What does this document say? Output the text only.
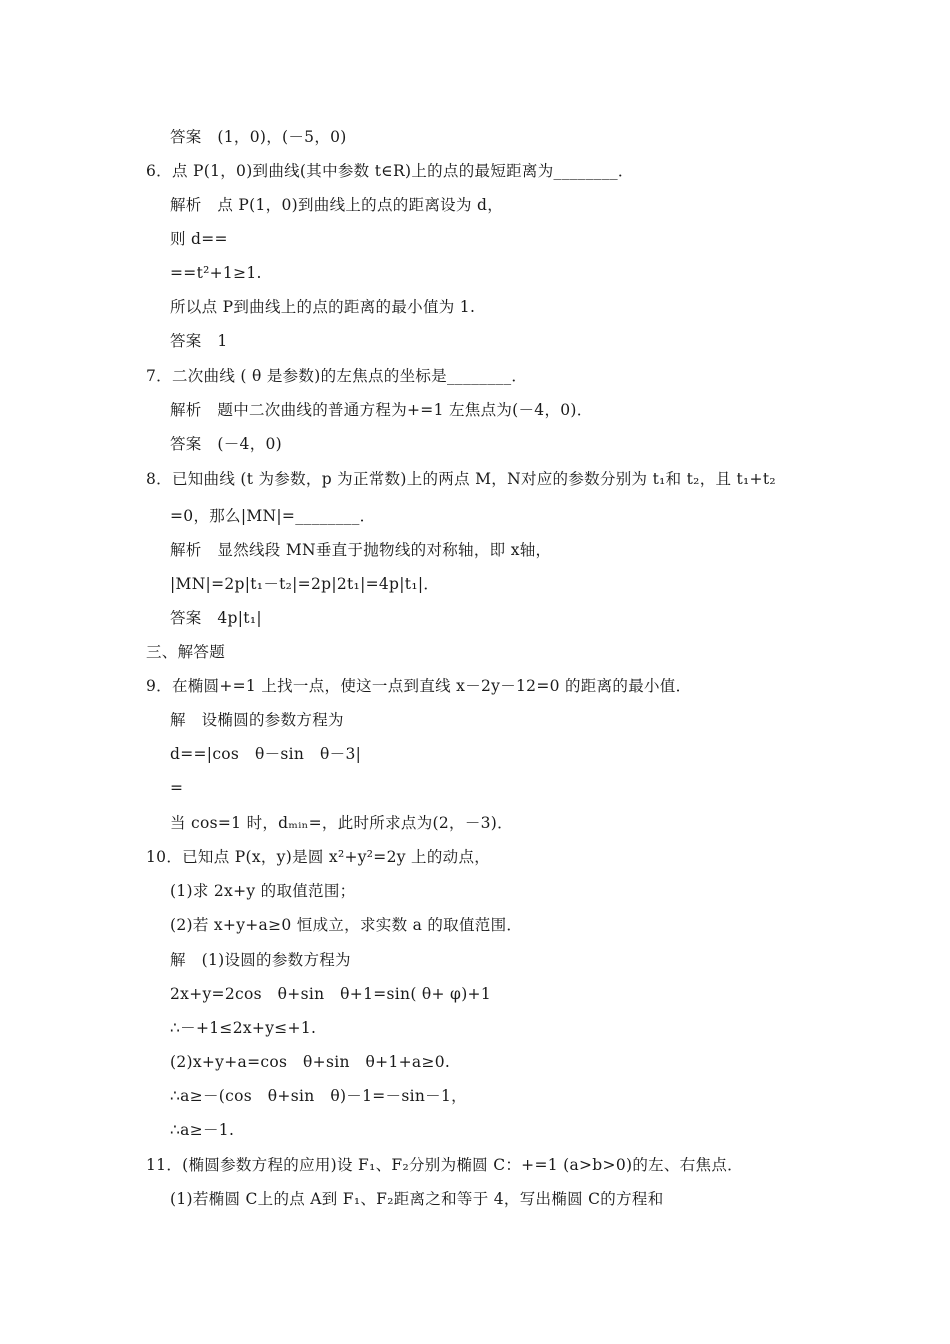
答案　(1，0)，(－5，0)
6．点 P(1，0)到曲线(其中参数 t∈R)上的点的最短距离为________．
解析　点 P(1，0)到曲线上的点的距离设为 d，
则 d==
==t²+1≥1.
所以点 P到曲线上的点的距离的最小值为 1.
答案　1
7．二次曲线 ( θ 是参数)的左焦点的坐标是________．
解析　题中二次曲线的普通方程为+=1 左焦点为(－4，0)．
答案　(－4，0)
8．已知曲线 (t 为参数，p 为正常数)上的两点 M，N对应的参数分别为 t₁和 t₂，且 t₁+t₂
=0，那么|MN|=________．
解析　显然线段 MN垂直于抛物线的对称轴，即 x轴，
|MN|=2p|t₁－t₂|=2p|2t₁|=4p|t₁|．
答案　4p|t₁|
三、解答题
9．在椭圆+=1 上找一点，使这一点到直线 x－2y－12=0 的距离的最小值．
解　设椭圆的参数方程为
d==|cos　θ－sin　θ－3|
=
当 cos=1 时，dₘᵢₙ=，此时所求点为(2，－3)．
10．已知点 P(x，y)是圆 x²+y²=2y 上的动点，
(1)求 2x+y 的取值范围；
(2)若 x+y+a≥0 恒成立，求实数 a 的取值范围．
解　(1)设圆的参数方程为
2x+y=2cos　θ+sin　θ+1=sin( θ+ φ)+1
∴－+1≤2x+y≤+1.
(2)x+y+a=cos　θ+sin　θ+1+a≥0.
∴a≥－(cos　θ+sin　θ)－1=－sin－1，
∴a≥－1.
11．(椭圆参数方程的应用)设 F₁、F₂分别为椭圆 C：+=1 (a>b>0)的左、右焦点．
(1)若椭圆 C上的点 A到 F₁、F₂距离之和等于 4，写出椭圆 C的方程和
